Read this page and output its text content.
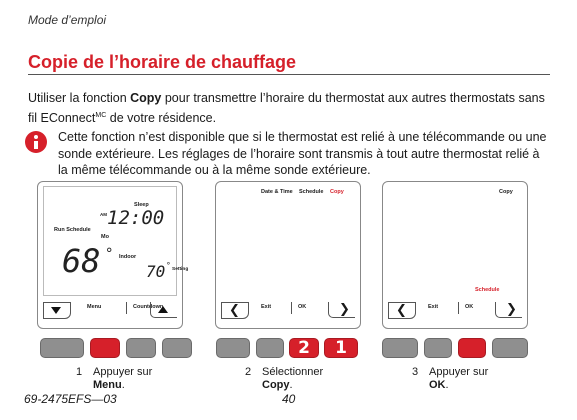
Mode d’emploi
Copie de l’horaire de chauffage
Utiliser la fonction Copy pour transmettre l’horaire du thermostat aux autres thermostats sans fil EConnect$^{MC}$ de votre résidence.
Cette fonction n’est disponible que si le thermostat est relié à une télécommande ou une sonde extérieure. Les réglages de l’horaire sont transmis à tout autre thermostat relié à la même télécommande ou à la même sonde extérieure.
Sleep
AM 12:00
Run Schedule
Mo
68 ° Indoor
70 ° Setting
Menu	Countdown
Date & Time Schedule Copy
❮	Exit	OK	❯
Copy
Schedule
❮	Exit	OK	❯
2	1
1 Appuyer sur
Menu.
2 Sélectionner
Copy.
3 Appuyer sur
OK.
69-2475EFS—03	40
